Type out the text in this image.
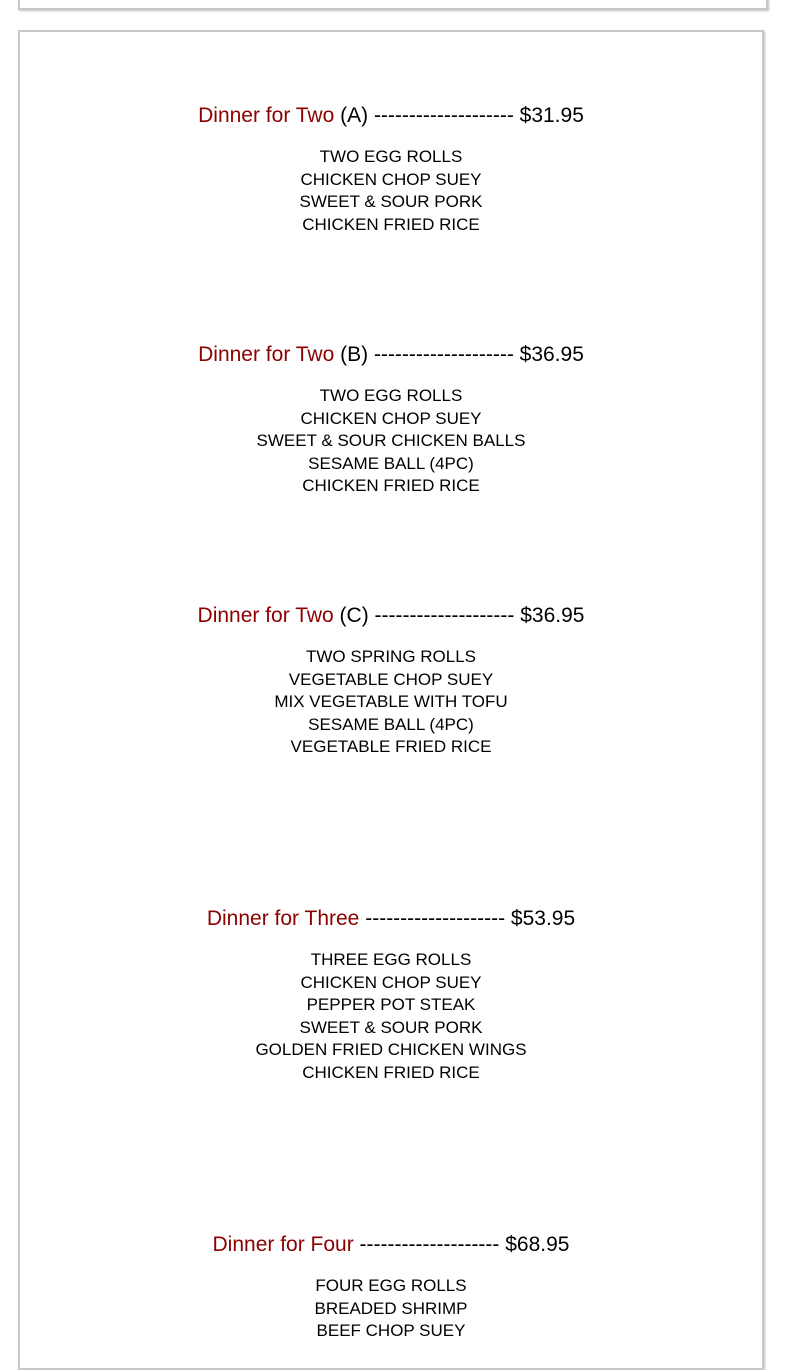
Dinner for Two (A) -------------------- $31.95
TWO EGG ROLLS
CHICKEN CHOP SUEY
SWEET & SOUR PORK
CHICKEN FRIED RICE
Dinner for Two (B) -------------------- $36.95
TWO EGG ROLLS
CHICKEN CHOP SUEY
SWEET & SOUR CHICKEN BALLS
SESAME BALL (4PC)
CHICKEN FRIED RICE
Dinner for Two (C) -------------------- $36.95
TWO SPRING ROLLS
VEGETABLE CHOP SUEY
MIX VEGETABLE WITH TOFU
SESAME BALL (4PC)
VEGETABLE FRIED RICE
Dinner for Three -------------------- $53.95
THREE EGG ROLLS
CHICKEN CHOP SUEY
PEPPER POT STEAK
SWEET & SOUR PORK
GOLDEN FRIED CHICKEN WINGS
CHICKEN FRIED RICE
Dinner for Four -------------------- $68.95
FOUR EGG ROLLS
BREADED SHRIMP
BEEF CHOP SUEY
